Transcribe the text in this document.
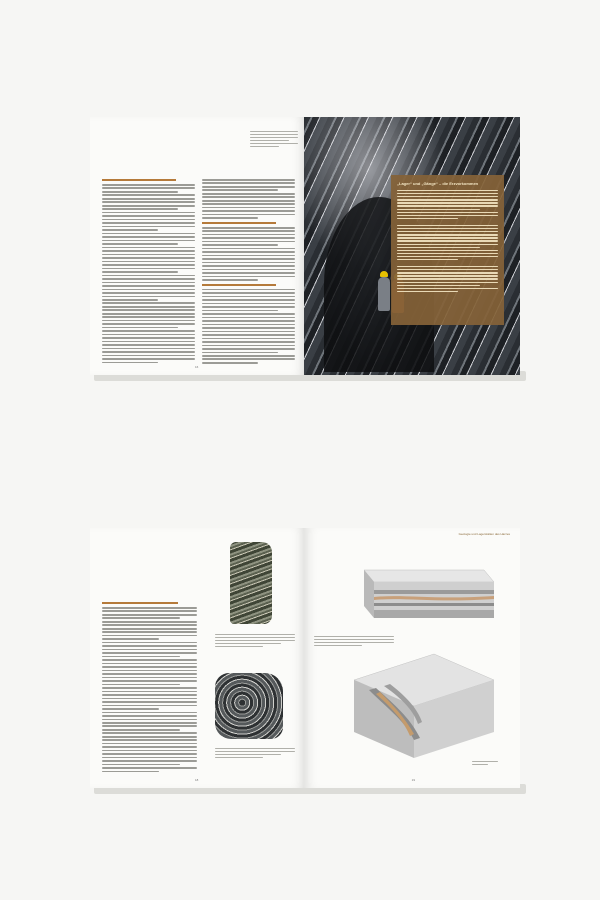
16
„Lager“ und „Gänge“ – die Erzvorkommen
18
Geologie und Lagerstätten des Harzes
19
